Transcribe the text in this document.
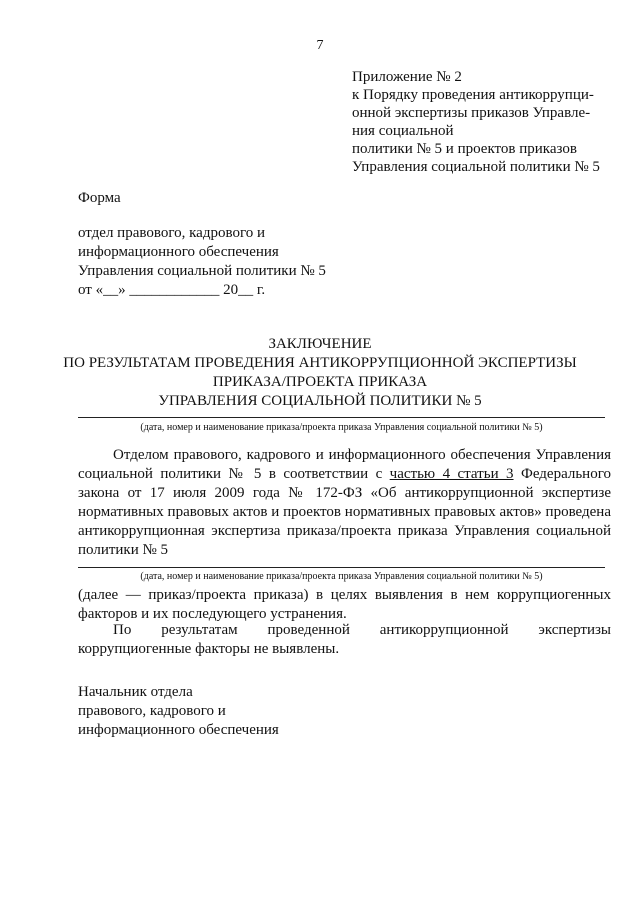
7
Приложение № 2
к Порядку проведения антикоррупци-
онной экспертизы приказов Управле-
ния социальной
политики № 5 и проектов приказов
Управления социальной политики № 5
Форма
отдел правового, кадрового и
информационного обеспечения
Управления социальной политики № 5
от «__» ____________ 20__ г.
ЗАКЛЮЧЕНИЕ
ПО РЕЗУЛЬТАТАМ ПРОВЕДЕНИЯ АНТИКОРРУПЦИОННОЙ ЭКСПЕРТИЗЫ
ПРИКАЗА/ПРОЕКТА ПРИКАЗА
УПРАВЛЕНИЯ СОЦИАЛЬНОЙ ПОЛИТИКИ № 5
(дата, номер и наименование приказа/проекта приказа Управления социальной политики № 5)
Отделом правового, кадрового и информационного обеспечения Управления социальной политики № 5 в соответствии с частью 4 статьи 3 Федерального закона от 17 июля 2009 года № 172-ФЗ «Об антикоррупционной экспертизе нормативных правовых актов и проектов нормативных правовых актов» проведена антикоррупционная экспертиза приказа/проекта приказа Управления социальной политики № 5
(дата, номер и наименование приказа/проекта приказа Управления социальной политики № 5)
(далее — приказ/проекта приказа) в целях выявления в нем коррупциогенных факторов и их последующего устранения.
По результатам проведенной антикоррупционной экспертизы коррупциогенные факторы не выявлены.
Начальник отдела
правового, кадрового и
информационного обеспечения
